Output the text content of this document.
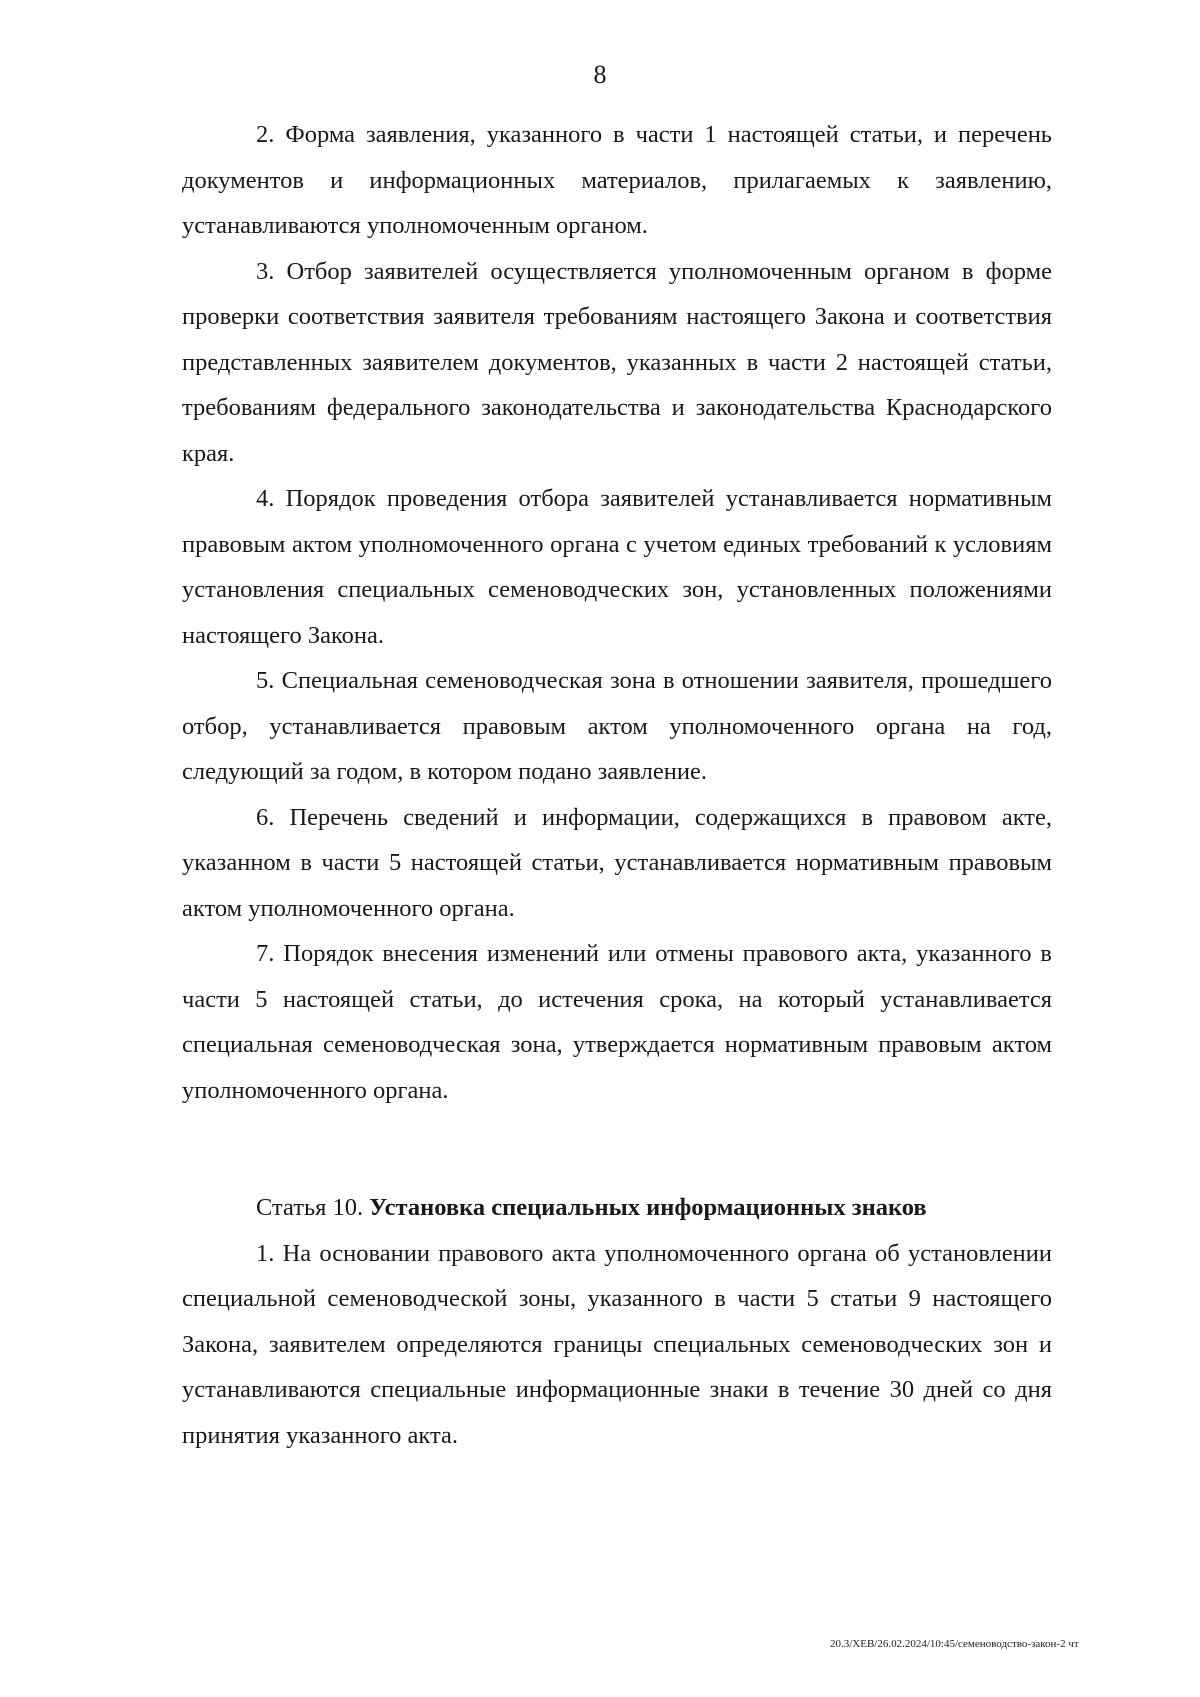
8

2. Форма заявления, указанного в части 1 настоящей статьи, и перечень документов и информационных материалов, прилагаемых к заявлению, устанавливаются уполномоченным органом.

3. Отбор заявителей осуществляется уполномоченным органом в форме проверки соответствия заявителя требованиям настоящего Закона и соответствия представленных заявителем документов, указанных в части 2 настоящей статьи, требованиям федерального законодательства и законодательства Краснодарского края.

4. Порядок проведения отбора заявителей устанавливается нормативным правовым актом уполномоченного органа с учетом единых требований к условиям установления специальных семеноводческих зон, установленных положениями настоящего Закона.

5. Специальная семеноводческая зона в отношении заявителя, прошедшего отбор, устанавливается правовым актом уполномоченного органа на год, следующий за годом, в котором подано заявление.

6. Перечень сведений и информации, содержащихся в правовом акте, указанном в части 5 настоящей статьи, устанавливается нормативным правовым актом уполномоченного органа.

7. Порядок внесения изменений или отмены правового акта, указанного в части 5 настоящей статьи, до истечения срока, на который устанавливается специальная семеноводческая зона, утверждается нормативным правовым актом уполномоченного органа.

Статья 10. Установка специальных информационных знаков

1. На основании правового акта уполномоченного органа об установлении специальной семеноводческой зоны, указанного в части 5 статьи 9 настоящего Закона, заявителем определяются границы специальных семеноводческих зон и устанавливаются специальные информационные знаки в течение 30 дней со дня принятия указанного акта.

20.3/ХЕВ/26.02.2024/10:45/семеноводство-закон-2 чт
